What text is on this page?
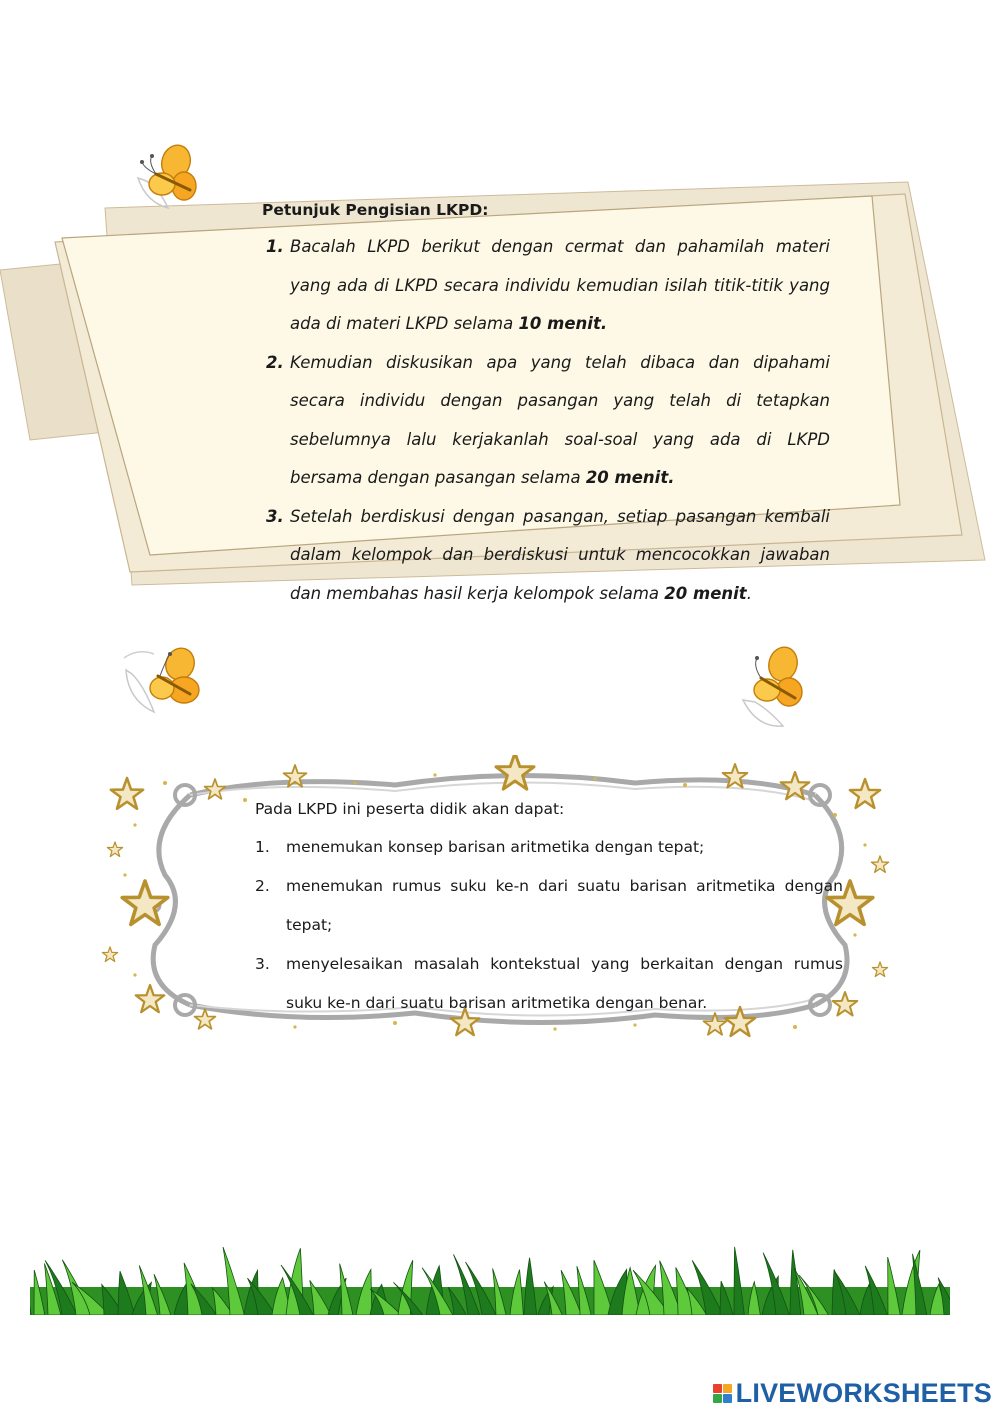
Petunjuk Pengisian LKPD:
1. Bacalah LKPD berikut dengan cermat dan pahamilah materi yang ada di LKPD secara individu kemudian isilah titik-titik yang ada di materi LKPD selama 10 menit.
2. Kemudian diskusikan apa yang telah dibaca dan dipahami secara individu dengan pasangan yang telah di tetapkan sebelumnya lalu kerjakanlah soal-soal yang ada di LKPD bersama dengan pasangan selama 20 menit.
3. Setelah berdiskusi dengan pasangan, setiap pasangan kembali dalam kelompok dan berdiskusi untuk mencocokkan jawaban dan membahas hasil kerja kelompok selama 20 menit.
Pada LKPD ini peserta didik akan dapat:
1. menemukan konsep barisan aritmetika dengan tepat;
2. menemukan rumus suku ke-n dari suatu barisan aritmetika dengan tepat;
3. menyelesaikan masalah kontekstual yang berkaitan dengan rumus suku ke-n dari suatu barisan aritmetika dengan benar.
LIVEWORKSHEETS
